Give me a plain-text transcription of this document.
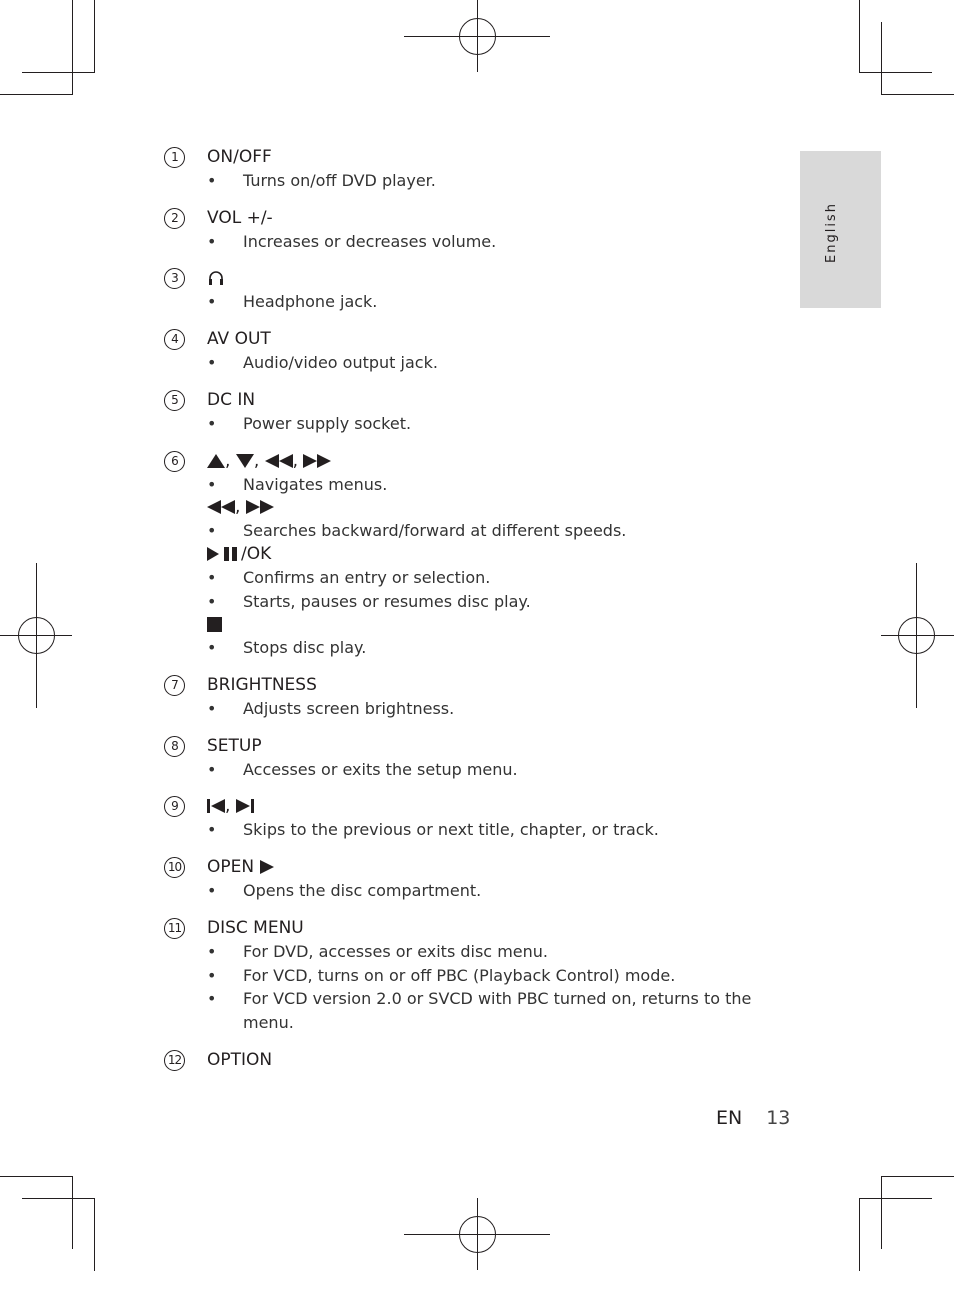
English
1	ON/OFF
• Turns on/off DVD player.
2	VOL +/-
• Increases or decreases volume.
3
• Headphone jack.
4	AV OUT
• Audio/video output jack.
5	DC IN
• Power supply socket.
6	, , ,
• Navigates menus.
,
• Searches backward/forward at different speeds.
/OK
• Confirms an entry or selection.
• Starts, pauses or resumes disc play.
• Stops disc play.
7	BRIGHTNESS
• Adjusts screen brightness.
8	SETUP
• Accesses or exits the setup menu.
9	,
• Skips to the previous or next title, chapter, or track.
10 OPEN
• Opens the disc compartment.
11 DISC MENU
• For DVD, accesses or exits disc menu.
• For VCD, turns on or off PBC (Playback Control) mode.
• For VCD version 2.0 or SVCD with PBC turned on, returns to the menu.
12 OPTION
EN 13
